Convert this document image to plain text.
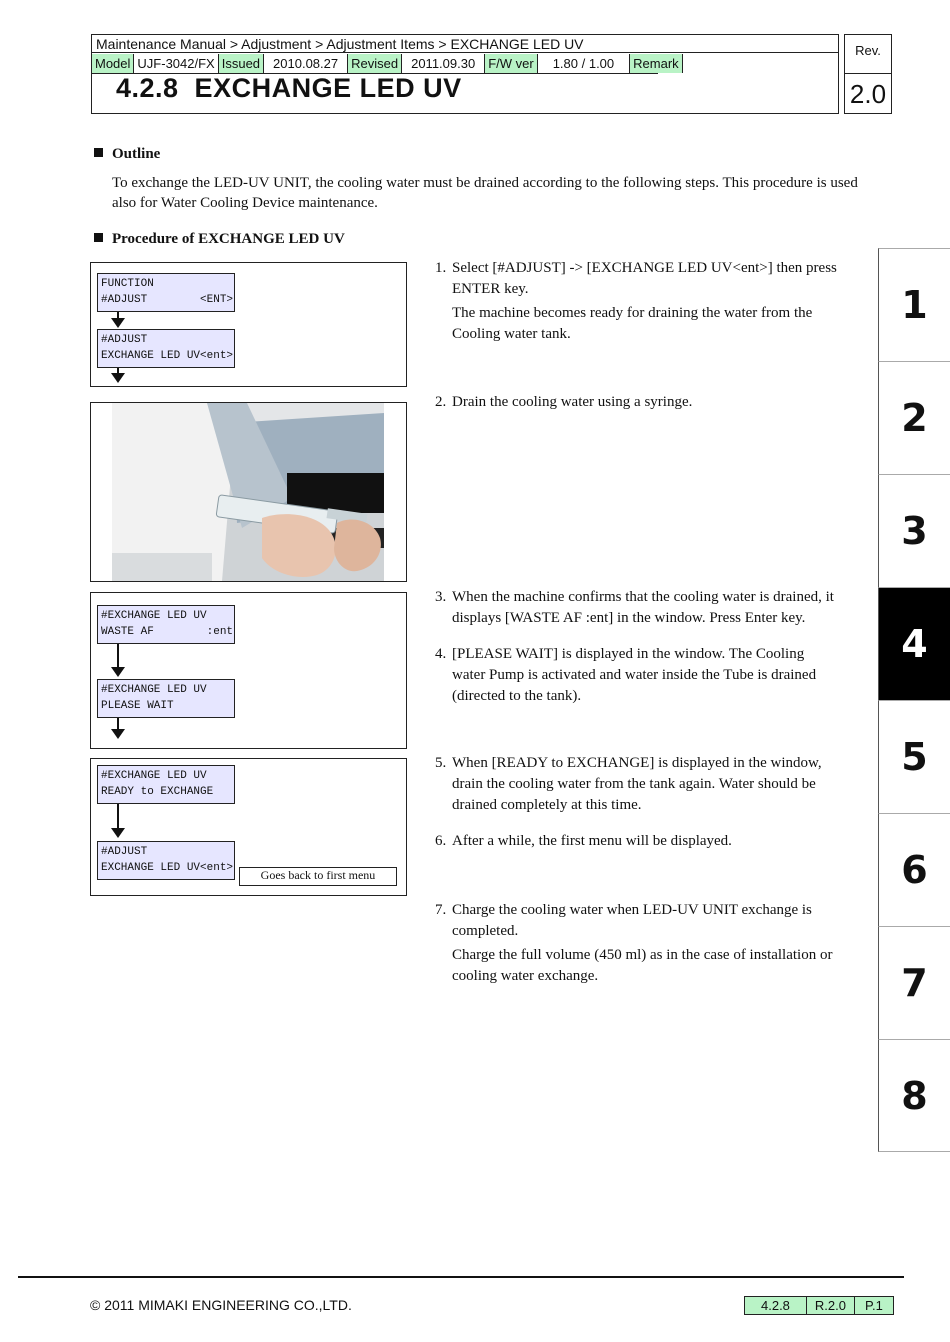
Maintenance Manual > Adjustment > Adjustment Items > EXCHANGE LED UV
Model UJF-3042/FX Issued	2010.08.27	Revised	2011.09.30	F/W ver	1.80 / 1.00	Remark
4.2.8  EXCHANGE LED UV
Rev.
2.0
Outline
To exchange the LED-UV UNIT, the cooling water must be drained according to the following steps. This procedure is used also for Water Cooling Device maintenance.
Procedure of EXCHANGE LED UV
FUNCTION
#ADJUST        <ENT>
#ADJUST
EXCHANGE LED UV<ent>
#EXCHANGE LED UV
WASTE AF        :ent
#EXCHANGE LED UV
PLEASE WAIT
#EXCHANGE LED UV
READY to EXCHANGE
#ADJUST
EXCHANGE LED UV<ent>	Goes back to first menu
1. Select [#ADJUST] -> [EXCHANGE LED UV<ent>] then press
ENTER key.
The machine becomes ready for draining the water from the Cooling water tank.
2. Drain the cooling water using a syringe.
3. When the machine confirms that the cooling water is drained, it
displays [WASTE AF :ent] in the window. Press Enter key.
4. [PLEASE WAIT] is displayed in the window. The Cooling
water Pump is activated and water inside the Tube is drained (directed to the tank).
5. When [READY to EXCHANGE] is displayed in the window,
drain the cooling water from the tank again. Water should be drained completely at this time.
6. After a while, the first menu will be displayed.
7. Charge the cooling water when LED-UV UNIT exchange is
completed.
Charge the full volume (450 ml) as in the case of installation or cooling water exchange.
1
2
3
4
5
6
7
8
© 2011 MIMAKI ENGINEERING CO.,LTD.	4.2.8	R.2.0	P.1
